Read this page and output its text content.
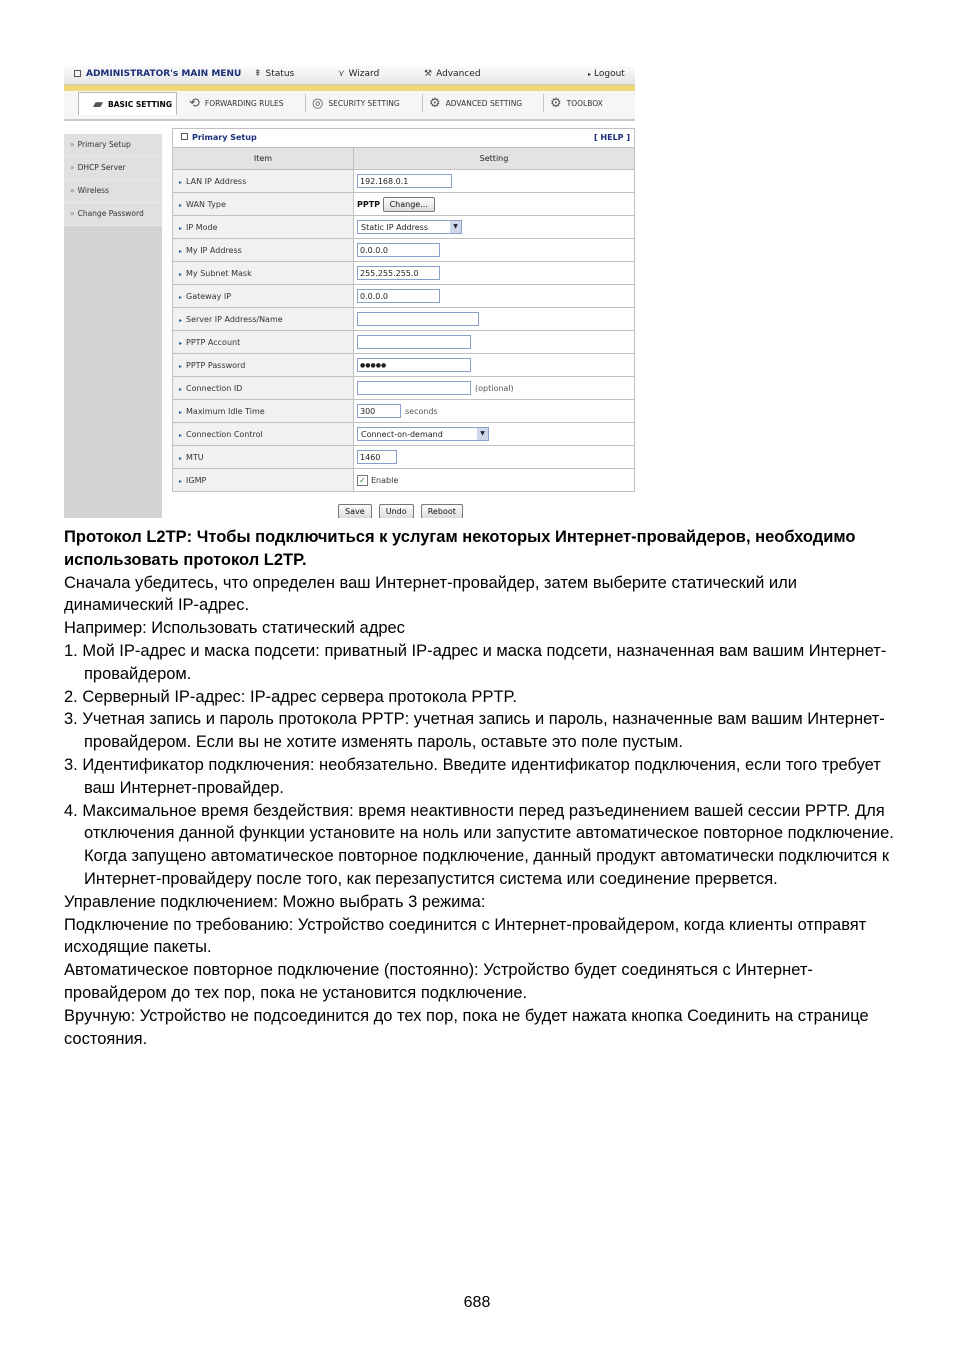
ADMINISTRATOR's MAIN MENU ⇞ Status	⋎ Wizard	⚒ Advanced	▸ Logout
▰ BASIC SETTING ⟲ FORWARDING RULES ◎ SECURITY SETTING ⚙ ADVANCED SETTING ⚙ TOOLBOX
» Primary Setup
» DHCP Server
» Wireless
» Change Password
Primary Setup	[ HELP ]
Item	Setting
▸ LAN IP Address	192.168.0.1
▸ WAN Type	PPTP Change...
▸ IP Mode	Static IP Address ▼

▸ My IP Address	0.0.0.0
▸ My Subnet Mask	255.255.255.0
▸ Gateway IP	0.0.0.0
▸ Server IP Address/Name	
▸ PPTP Account	
▸ PPTP Password	●●●●●
▸ Connection ID	(optional)
▸ Maximum Idle Time	300 seconds
▸ Connection Control	Connect-on-demand ▼

▸ MTU	1460
▸ IGMP	✓ Enable
Save	Undo	Reboot

Протокол L2TP: Чтобы подключиться к услугам некоторых Интернет-провайдеров, необходимо использовать протокол L2TP.

Сначала убедитесь, что определен ваш Интернет-провайдер, затем выберите статический или динамический IP-адрес.

Например: Использовать статический адрес

1. Мой IP-адрес и маска подсети: приватный IP-адрес и маска подсети, назначенная вам вашим Интернет-провайдером.

2. Серверный IP-адрес: IP-адрес сервера протокола PPTP.

3. Учетная запись и пароль протокола PPTP: учетная запись и пароль, назначенные вам вашим Интернет-провайдером. Если вы не хотите изменять пароль, оставьте это поле пустым.

3. Идентификатор подключения: необязательно. Введите идентификатор подключения, если того требует ваш Интернет-провайдер.

4. Максимальное время бездействия: время неактивности перед разъединением вашей сессии PPTP. Для отключения данной функции установите на ноль или запустите автоматическое повторное подключение. Когда запущено автоматическое повторное подключение, данный продукт автоматически подключится к Интернет-провайдеру после того, как перезапустится система или соединение прервется.

Управление подключением: Можно выбрать 3 режима:

Подключение по требованию: Устройство соединится с Интернет-провайдером, когда клиенты отправят исходящие пакеты.

Автоматическое повторное подключение (постоянно): Устройство будет соединяться с Интернет-провайдером до тех пор, пока не установится подключение.

Вручную: Устройство не подсоединится до тех пор, пока не будет нажата кнопка Соединить на странице состояния.

688
